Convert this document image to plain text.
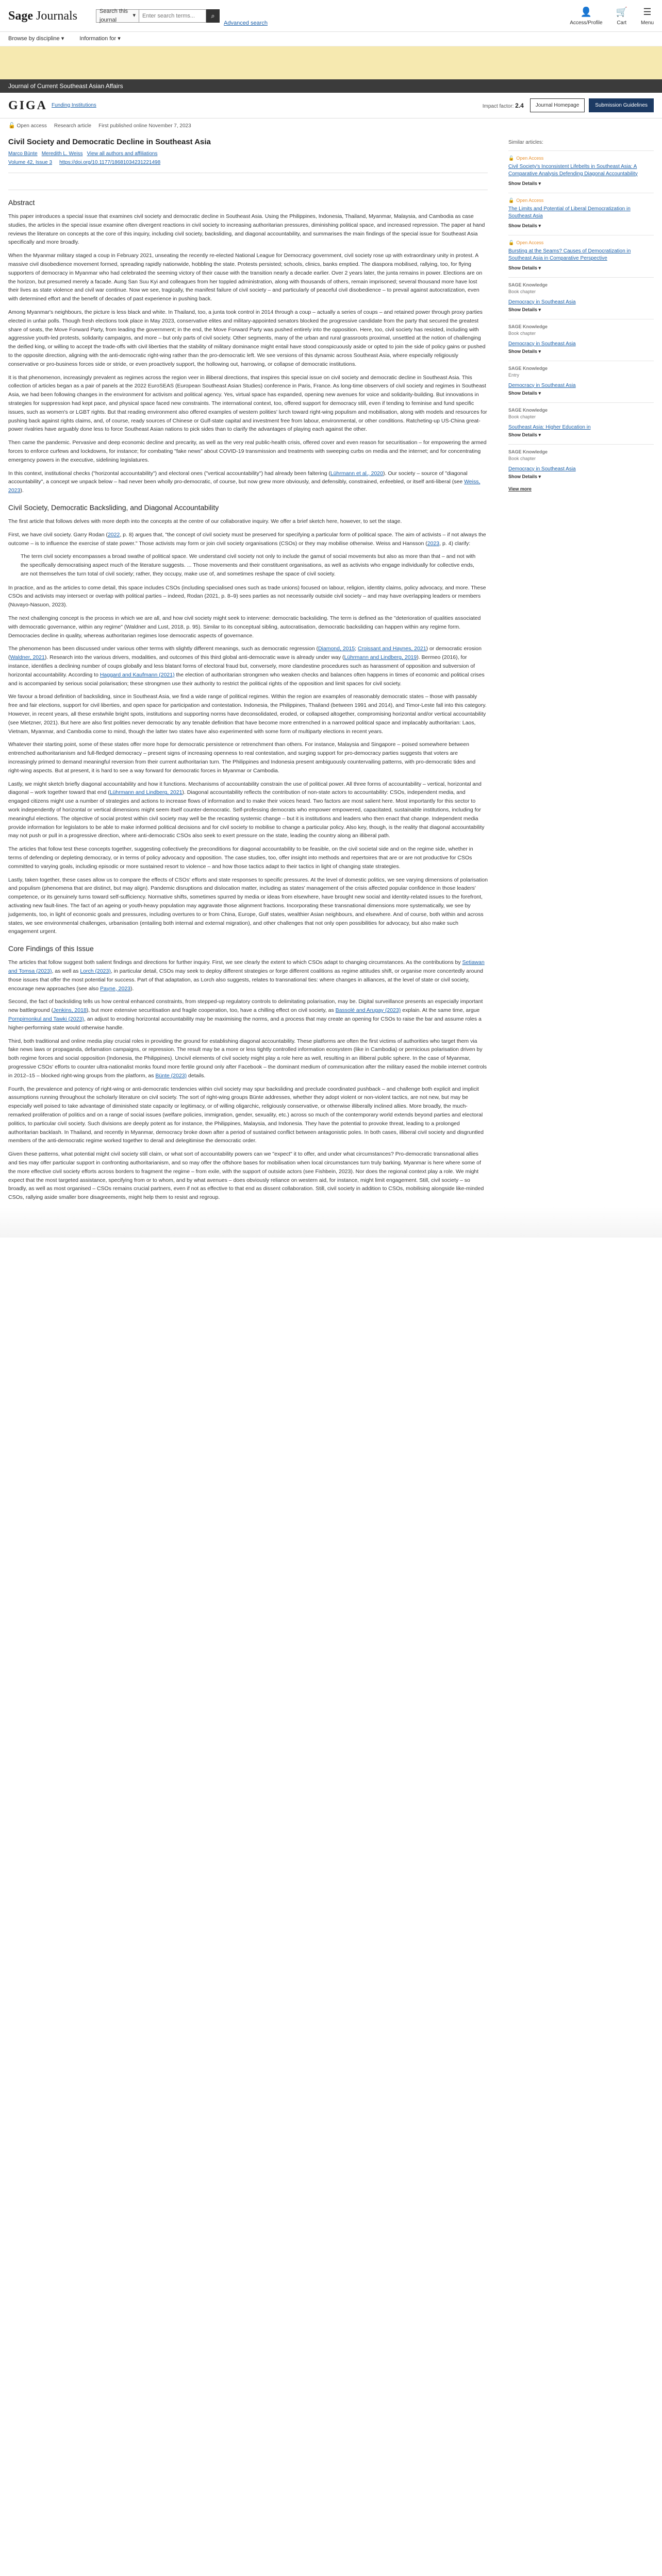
Sage Journals	Search this journal
▾	Enter search terms...	⌕
Advanced search
👤
Access/Profile
🛒
Cart
☰
Menu
Browse by discipline ▾	Information for ▾
Journal of Current Southeast Asian Affairs
GIGA Funding Institutions	Impact factor: 2.4	Journal Homepage	Submission Guidelines
🔓 Open access Research article First published online November 7, 2023
Civil Society and Democratic Decline in Southeast Asia
Marco Bünte Meredith L. Weiss View all authors and affiliations
Volume 42, Issue 3 https://doi.org/10.1177/18681034231221498
Abstract

This paper introduces a special issue that examines civil society and democratic decline in Southeast Asia. Using the Philippines, Indonesia, Thailand, Myanmar, Malaysia, and Cambodia as case studies, the articles in the special issue examine often divergent reactions in civil society to increasing authoritarian pressures, diminishing political space, and increased repression. The paper at hand reviews the literature on concepts at the core of this inquiry, including civil society, backsliding, and diagonal accountability, and summarises the main findings of the special issue for Southeast Asia specifically and more broadly.

When the Myanmar military staged a coup in February 2021, unseating the recently re-elected National League for Democracy government, civil society rose up with extraordinary unity in protest. A massive civil disobedience movement formed, spreading rapidly nationwide, hobbling the state. Protests persisted; schools, clinics, banks emptied. The diaspora mobilised, rallying, too, for flying supporters of democracy in Myanmar who had celebrated the seeming victory of their cause with the transition nearly a decade earlier. Over 2 years later, the junta remains in power. Elections are on the horizon, but presumed merely a facade. Aung San Suu Kyi and colleagues from her toppled administration, along with thousands of others, remain imprisoned; several thousand more have lost their lives as state violence and civil war continue. Now we see, tragically, the manifest failure of civil society – and particularly of peaceful civil disobedience – to prevail against autocratization, even with determined effort and the benefit of decades of past experience in pushing back.

Among Myanmar's neighbours, the picture is less black and white. In Thailand, too, a junta took control in 2014 through a coup – actually a series of coups – and retained power through proxy parties elected in unfair polls. Though fresh elections took place in May 2023, conservative elites and military-appointed senators blocked the progressive candidate from the party that secured the greatest share of seats, the Move Forward Party, from leading the government; in the end, the Move Forward Party was pushed entirely into the opposition. Here, too, civil society has resisted, including with aggressive youth-led protests, solidarity campaigns, and more – but only parts of civil society. Other segments, many of the urban and rural grassroots proximal, unsettled at the notion of challenging the deified king, or willing to accept the trade-offs with civil liberties that the stability of military dominance might entail have stood conspicuously aside or opted to join the side of policy gains or pushed to the opposite direction, aligning with the anti-democratic right-wing rather than the pro-democratic left. We see versions of this dynamic across Southeast Asia, where especially religiously conservative or pro-business forces side or stride, or even proactively support, the hollowing out, harrowing, or collapse of democratic institutions.

It is that phenomenon, increasingly prevalent as regimes across the region veer in illiberal directions, that inspires this special issue on civil society and democratic decline in Southeast Asia. This collection of articles began as a pair of panels at the 2022 EuroSEAS (European Southeast Asian Studies) conference in Paris, France. As long-time observers of civil society and regimes in Southeast Asia, we had been following changes in the environment for activism and political agency. Yes, virtual space has expanded, opening new avenues for voice and solidarity-building. But innovations in strategies for suppression had kept pace, and physical space faced new constraints. The international context, too, offered support for democracy still, even if tending to feminise and fund specific issues, such as women's or LGBT rights. But that reading environment also offered examples of western polities' lurch toward right-wing populism and mobilisation, along with models and resources for pushing back against rights claims, and, of course, ready sources of Chinese or Gulf-state capital and investment free from labour, environmental, or other conditions. Ratcheting-up US-China great-power rivalries have arguably done less to force Southeast Asian nations to pick sides than to clarify the advantages of playing each against the other.

Then came the pandemic. Pervasive and deep economic decline and precarity, as well as the very real public-health crisis, offered cover and even reason for securitisation – for empowering the armed forces to enforce curfews and lockdowns, for instance; for combating "fake news" about COVID-19 transmission and treatments with sweeping curbs on media and the internet; and for concentrating emergency powers in the executive, sidelining legislatures.

In this context, institutional checks ("horizontal accountability") and electoral ones ("vertical accountability") had already been faltering (Lührmann et al., 2020). Our society – source of "diagonal accountability", a concept we unpack below – had never been wholly pro-democratic, of course, but now grew more obviously, and defensibly, constrained, enfeebled, or itself anti-liberal (see Weiss, 2023).

Civil Society, Democratic Backsliding, and Diagonal Accountability

The first article that follows delves with more depth into the concepts at the centre of our collaborative inquiry. We offer a brief sketch here, however, to set the stage.

First, we have civil society. Garry Rodan (2022, p. 8) argues that, "the concept of civil society must be preserved for specifying a particular form of political space. The aim of activists – if not always the outcome – is to influence the exercise of state power." Those activists may form or join civil society organisations (CSOs) or they may mobilise otherwise. Weiss and Hansson (2023, p. 4) clarify:

The term civil society encompasses a broad swathe of political space. We understand civil society not only to include the gamut of social movements but also as more than that – and not with the specifically democratising aspect much of the literature suggests. ... Those movements and their constituent organisations, as well as activists who engage individually for collective ends, are not themselves the turn total of civil society; rather, they occupy, make use of, and sometimes reshape the space of civil society.

In practice, and as the articles to come detail, this space includes CSOs (including specialised ones such as trade unions) focused on labour, religion, identity claims, policy advocacy, and more. These CSOs and activists may intersect or overlap with political parties – indeed, Rodan (2021, p. 8–9) sees parties as not necessarily outside civil society – and may have overlapping leaders or members (Nuvayo-Nasuon, 2023).

The next challenging concept is the process in which we are all, and how civil society might seek to intervene: democratic backsliding. The term is defined as the "deterioration of qualities associated with democratic governance, within any regime" (Waldner and Lust, 2018, p. 95). Similar to its conceptual sibling, autocratisation, democratic backsliding can happen within any regime form. Democracies decline in quality, whereas authoritarian regimes lose democratic aspects of governance.

The phenomenon has been discussed under various other terms with slightly different meanings, such as democratic regression (Diamond, 2015; Croissant and Haynes, 2021) or democratic erosion (Waldner, 2021). Research into the various drivers, modalities, and outcomes of this third global anti-democratic wave is already under way (Lührmann and Lindberg, 2019). Bermeo (2016), for instance, identifies a declining number of coups globally and less blatant forms of electoral fraud but, conversely, more clandestine procedures such as harassment of opposition and subversion of horizontal accountability. According to Haggard and Kaufmann (2021) the election of authoritarian strongmen who weaken checks and balances often happens in times of economic and political crises and is accompanied by serious social polarisation; these strongmen use their authority to restrict the political rights of the opposition and limit spaces for civil society.

We favour a broad definition of backsliding, since in Southeast Asia, we find a wide range of political regimes. Within the region are examples of reasonably democratic states – those with passably free and fair elections, support for civil liberties, and open space for participation and contestation. Indonesia, the Philippines, Thailand (between 1991 and 2014), and Timor-Leste fall into this category. However, in recent years, all these erstwhile bright spots, institutions and supporting norms have deconsolidated, eroded, or collapsed altogether, compromising horizontal and/or vertical accountability (see Mietzner, 2021). But here are also first polities never democratic by any tenable definition that have become more entrenched in a narrowed political space and implacably authoritarian: Laos, Vietnam, Myanmar, and Cambodia come to mind, though the latter two states have also experimented with some form of multiparty elections in recent years.

Whatever their starting point, some of these states offer more hope for democratic persistence or retrenchment than others. For instance, Malaysia and Singapore – poised somewhere between entrenched authoritarianism and full-fledged democracy – present signs of increasing openness to real contestation, and surging support for pro-democracy parties suggests that voters are increasingly primed to demand meaningful reversion from their current authoritarian turn. The Philippines and Indonesia present ambiguously countervailing patterns, with pro-democratic tides and right-wing aspects. But at present, it is hard to see a way forward for democratic forces in Myanmar or Cambodia.

Lastly, we might sketch briefly diagonal accountability and how it functions. Mechanisms of accountability constrain the use of political power. All three forms of accountability – vertical, horizontal and diagonal – work together toward that end (Lührmann and Lindberg, 2021). Diagonal accountability reflects the contribution of non-state actors to accountability: CSOs, independent media, and engaged citizens might use a number of strategies and actions to increase flows of information and to make their voices heard. Two factors are most salient here. Most importantly for this sector to work independently of horizontal or vertical dimensions might seem itself counter-democratic. Self-professing democrats who empower empowered, capacitated, sustainable institutions, including for meaningful elections. The objective of social protest within civil society may well be the recasting systemic change – but it is institutions and leaders who then enact that change. Independent media provide information for legislators to be able to make informed political decisions and for civil society to mobilise to change a particular policy. Also key, though, is the reality that diagonal accountability may not push or pull in a progressive direction, where anti-democratic CSOs also seek to exert pressure on the state, leading the country along an illiberal path.

The articles that follow test these concepts together, suggesting collectively the preconditions for diagonal accountability to be feasible, on the civil societal side and on the regime side, whether in terms of defending or depleting democracy, or in terms of policy advocacy and opposition. The case studies, too, offer insight into methods and repertoires that are or are not productive for CSOs committed to varying goals, including episodic or more sustained resort to violence – and how those tactics adapt to their tactics in light of changing state strategies.

Lastly, taken together, these cases allow us to compare the effects of CSOs' efforts and state responses to specific pressures. At the level of domestic politics, we see varying dimensions of polarisation and populism (phenomena that are distinct, but may align). Pandemic disruptions and dislocation matter, including as states' management of the crisis affected popular confidence in those leaders' competence, or its genuinely turns toward self-sufficiency. Normative shifts, sometimes spurred by media or ideas from elsewhere, have brought new social and identity-related issues to the forefront, activating new fault-lines. The fact of an ageing or youth-heavy population may aggravate those alignment fractions. Incorporating these transnational dimensions more systematically, we see by judgements, too, in light of economic goals and pressures, including overtures to or from China, Europe, Gulf states, wealthier Asian neighbours, and elsewhere. And of course, both within and across states, we see environmental challenges, urbanisation (entailing both internal and external migration), and other challenges that not only open possibilities for advocacy, but also make such engagement urgent.

Core Findings of this Issue

The articles that follow suggest both salient findings and directions for further inquiry. First, we see clearly the extent to which CSOs adapt to changing circumstances. As the contributions by Setiawan and Tomsa (2023), as well as Lorch (2023), in particular detail, CSOs may seek to deploy different strategies or forge different coalitions as regime attitudes shift, or organise more concertedly around those issues that offer the most potential for success. Part of that adaptation, as Lorch also suggests, relates to transnational ties: where changes in alliances, at the level of state or civil society, encourage new approaches (see also Payne, 2023).

Second, the fact of backsliding tells us how central enhanced constraints, from stepped-up regulatory controls to delimitating polarisation, may be. Digital surveillance presents an especially important new battleground (Jenkins, 2018), but more extensive securitisation and fragile cooperation, too, have a chilling effect on civil society, as Bassolé and Arugay (2023) explain. At the same time, argue Pornpimonkul and Tawki (2023), an adjust to eroding horizontal accountability may be maximising the norms, and a process that may create an opening for CSOs to raise the bar and assume roles a higher-performing state would otherwise handle.

Third, both traditional and online media play crucial roles in providing the ground for establishing diagonal accountability. These platforms are often the first victims of authorities who target them via fake news laws or propaganda, defamation campaigns, or repression. The result may be a more or less tightly controlled information ecosystem (like in Cambodia) or pernicious polarisation driven by both regime forces and social opposition (Indonesia, the Philippines). Uncivil elements of civil society might play a role here as well, resulting in an illiberal public sphere. In the case of Myanmar, progressive CSOs' efforts to counter ultra-nationalist monks found more fertile ground only after Facebook – the dominant medium of communication after the military eased the mobile internet controls in 2012–15 – blocked right-wing groups from the platform, as Bünte (2023) details.

Fourth, the prevalence and potency of right-wing or anti-democratic tendencies within civil society may spur backsliding and preclude coordinated pushback – and challenge both explicit and implicit assumptions running throughout the scholarly literature on civil society. The sort of right-wing groups Bünte addresses, whether they adopt violent or non-violent tactics, are not new, but may be especially well poised to take advantage of diminished state capacity or legitimacy, or of willing oligarchic, religiously conservative, or otherwise illiberally inclined allies. More broadly, the much-remarked proliferation of politics and on a range of social issues (welfare policies, immigration, gender, sexuality, etc.) across so much of the contemporary world extends beyond parties and electoral politics, to particular civil society. Such divisions are deeply potent as for instance, the Philippines, Malaysia, and Indonesia. They have the potential to provoke threat, leading to a prolonged authoritarian backlash. In Thailand, and recently in Myanmar, democracy broke down after a period of sustained conflict between antagonistic poles. In both cases, illiberal civil society and disgruntled members of the anti-democratic regime worked together to derail and delegitimise the democratic order.

Given these patterns, what potential might civil society still claim, or what sort of accountability powers can we "expect" it to offer, and under what circumstances? Pro-democratic transnational allies and ties may offer particular support in confronting authoritarianism, and so may offer the offshore bases for mobilisation when local circumstances turn truly barking. Myanmar is here where some of the more effective civil society efforts across borders to fragment the regime – from exile, with the support of outside actors (see Fishbein, 2023). Nor does the regional context play a role. We might expect that the most targeted assistance, specifying from or to whom, and by what avenues – does obviously reliance on western aid, for instance, might limit engagement. Still, civil society – so broadly, as well as most organised – CSOs remains crucial partners, even if not as effective to that end as dissent collaboration. Still, civil society in addition to CSOs, mobilising alongside like-minded CSOs, rallying aside smaller bore disagreements, might help them to resist and regroup.

Similar articles:
🔓 Open Access
Civil Society's Inconsistent Lifebelts in Southeast Asia: A Comparative Analysis Defending Diagonal Accountability
Show Details ▾
🔓 Open Access
The Limits and Potential of Liberal Democratization in Southeast Asia
Show Details ▾
🔓 Open Access
Bursting at the Seams? Causes of Democratization in Southeast Asia in Comparative Perspective
Show Details ▾
SAGE Knowledge
Book chapter
Democracy in Southeast Asia
Show Details ▾
SAGE Knowledge
Book chapter
Democracy in Southeast Asia
Show Details ▾
SAGE Knowledge
Entry
Democracy in Southeast Asia
Show Details ▾
SAGE Knowledge
Book chapter
Southeast Asia: Higher Education in
Show Details ▾
SAGE Knowledge
Book chapter
Democracy in Southeast Asia
Show Details ▾
View more
